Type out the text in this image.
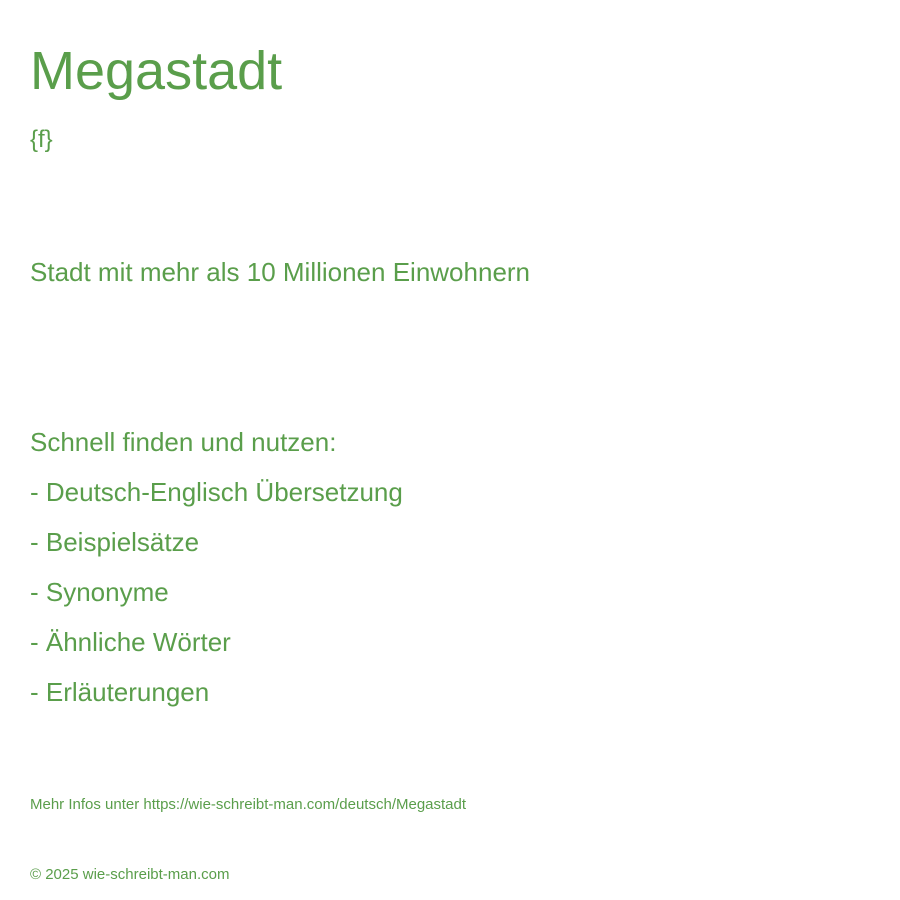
Megastadt
{f}
Stadt mit mehr als 10 Millionen Einwohnern
Schnell finden und nutzen:
- Deutsch-Englisch Übersetzung
- Beispielsätze
- Synonyme
- Ähnliche Wörter
- Erläuterungen
Mehr Infos unter https://wie-schreibt-man.com/deutsch/Megastadt
© 2025 wie-schreibt-man.com
